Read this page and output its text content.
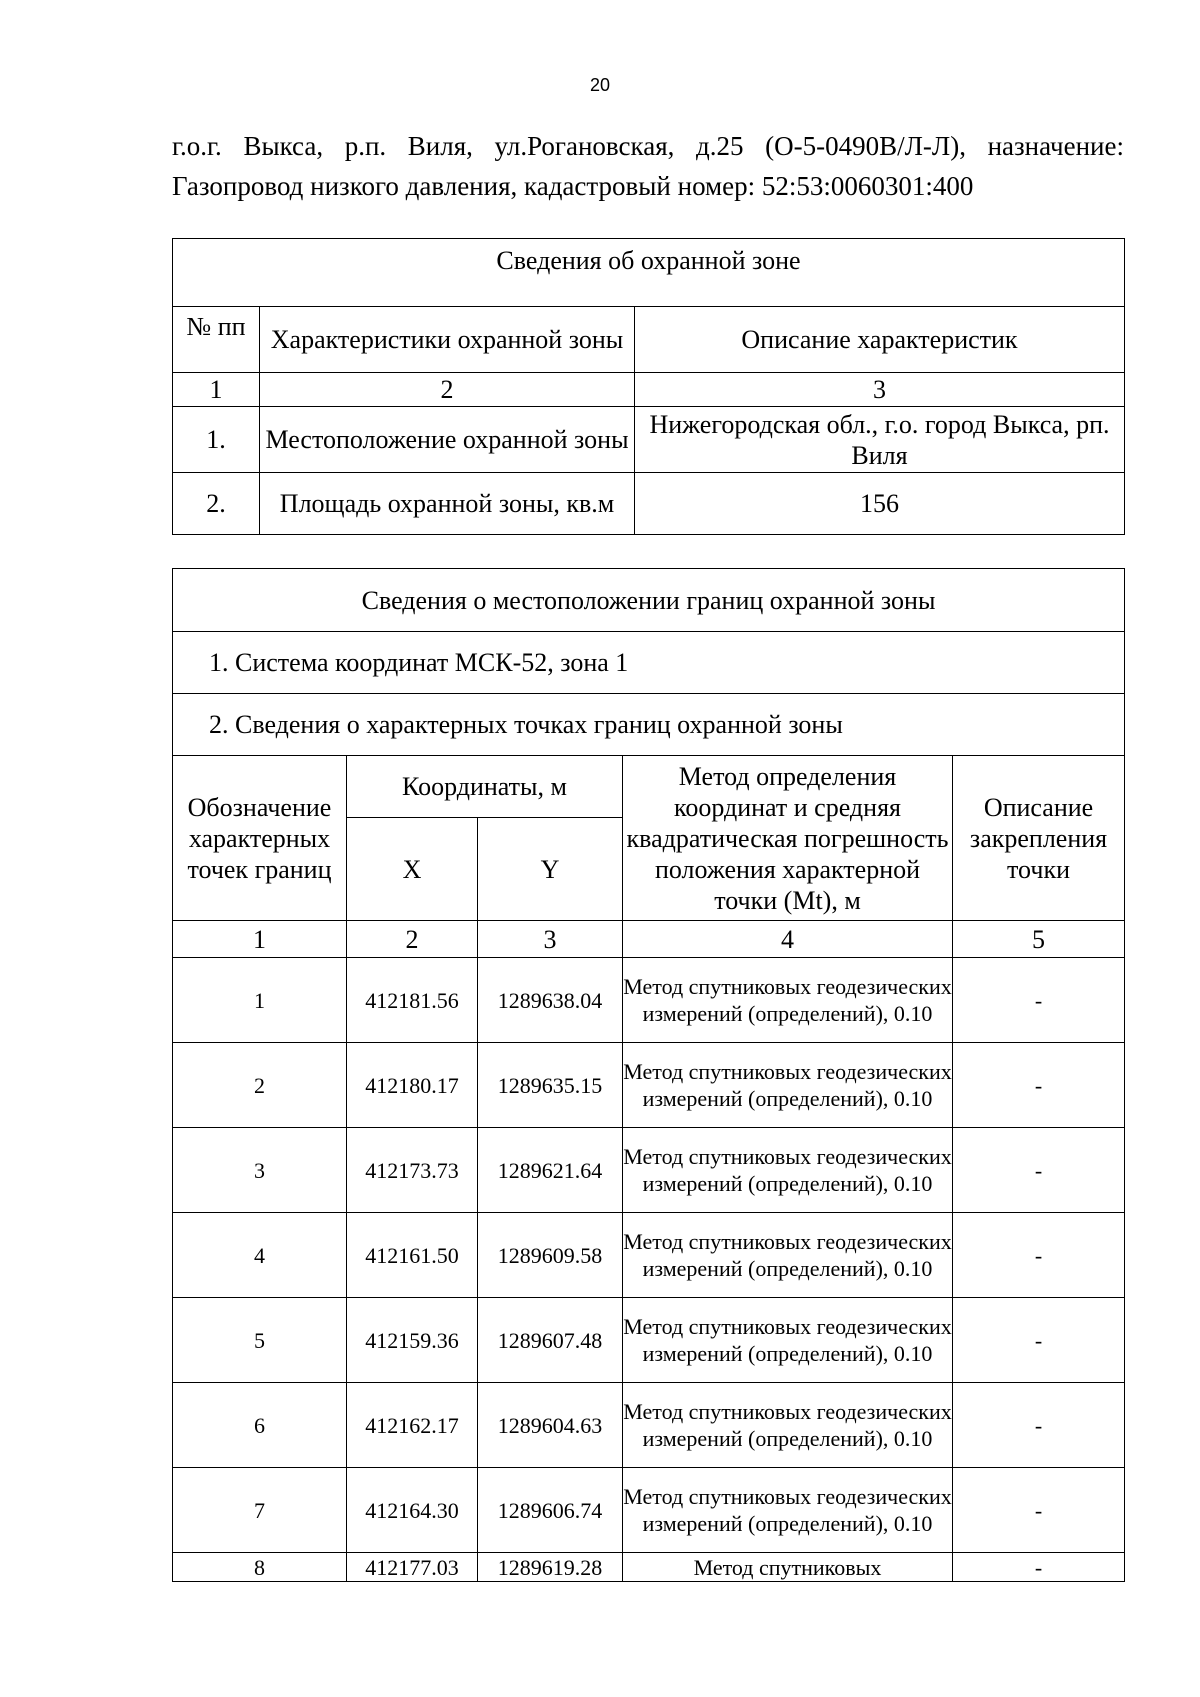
20
г.о.г. Выкса, р.п. Виля, ул.Рогановская, д.25 (О-5-0490В/Л-Л), назначение:
Газопровод низкого давления, кадастровый номер: 52:53:0060301:400
Сведения об охранной зоне		
№ пп	Характеристики охранной зоны	Описание характеристик
1	2	3
1.	Местоположение охранной зоны	Нижегородская обл., г.о. город Выкса, рп. Виля
2.	Площадь охранной зоны, кв.м	156
Сведения о местоположении границ охранной зоны				
1. Система координат МСК-52, зона 1				
2. Сведения о характерных точках границ охранной зоны				
Обозначение характерных точек границ	Координаты, м		Метод определения координат и средняя квадратическая погрешность положения характерной точки (Mt), м	Описание закрепления точки
	X	Y		
1	2	3	4	5
1	412181.56	1289638.04	Метод спутниковых геодезических измерений (определений), 0.10	-
2	412180.17	1289635.15	Метод спутниковых геодезических измерений (определений), 0.10	-
3	412173.73	1289621.64	Метод спутниковых геодезических измерений (определений), 0.10	-
4	412161.50	1289609.58	Метод спутниковых геодезических измерений (определений), 0.10	-
5	412159.36	1289607.48	Метод спутниковых геодезических измерений (определений), 0.10	-
6	412162.17	1289604.63	Метод спутниковых геодезических измерений (определений), 0.10	-
7	412164.30	1289606.74	Метод спутниковых геодезических измерений (определений), 0.10	-
8	412177.03	1289619.28	Метод спутниковых	-
